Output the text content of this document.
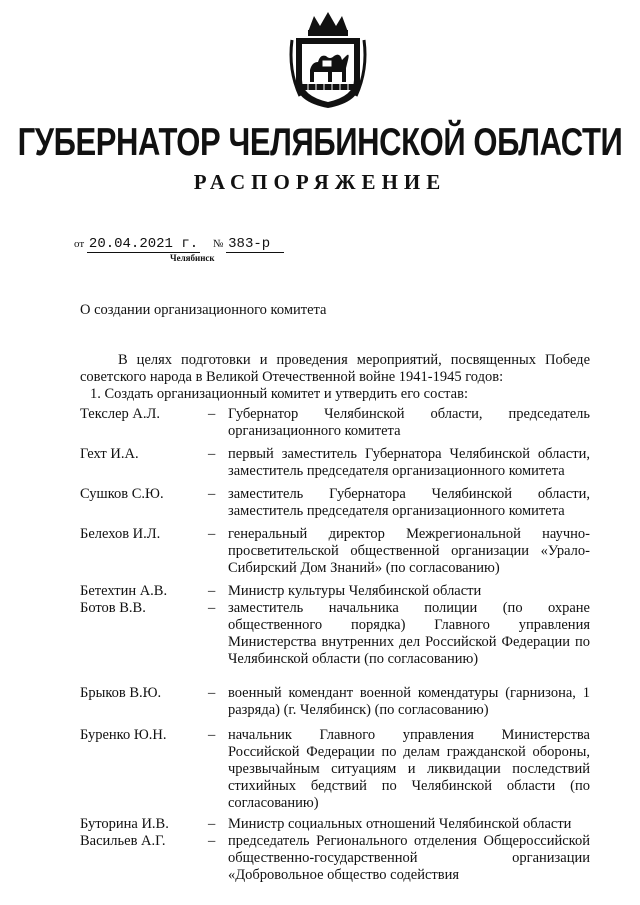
ГУБЕРНАТОР ЧЕЛЯБИНСКОЙ ОБЛАСТИ
РАСПОРЯЖЕНИЕ
от 20.04.2021 г. № 383-р
Челябинск
О создании организационного комитета
В целях подготовки и проведения мероприятий, посвященных Победе советского народа в Великой Отечественной войне 1941-1945 годов:
1. Создать организационный комитет и утвердить его состав:
Текслер А.Л.	– Губернатор Челябинской области, председатель организационного комитета
Гехт И.А.	– первый заместитель Губернатора Челябинской области, заместитель председателя организационного комитета
Сушков С.Ю.	– заместитель Губернатора Челябинской области, заместитель председателя организационного комитета
Белехов И.Л.	– генеральный директор Межрегиональной научно-просветительской общественной организации «Урало-Сибирский Дом Знаний» (по согласованию)
Бетехтин А.В.	– Министр культуры Челябинской области
Ботов В.В.	– заместитель начальника полиции (по охране общественного порядка) Главного управления Министерства внутренних дел Российской Федерации по Челябинской области (по согласованию)
Брыков В.Ю.	– военный комендант военной комендатуры (гарнизона, 1 разряда) (г. Челябинск) (по согласованию)
Буренко Ю.Н.	– начальник Главного управления Министерства Российской Федерации по делам гражданской обороны, чрезвычайным ситуациям и ликвидации последствий стихийных бедствий по Челябинской области (по согласованию)
Буторина И.В.	– Министр социальных отношений Челябинской области
Васильев А.Г.	– председатель Регионального отделения Общероссийской общественно-государственной организации «Добровольное общество содействия
